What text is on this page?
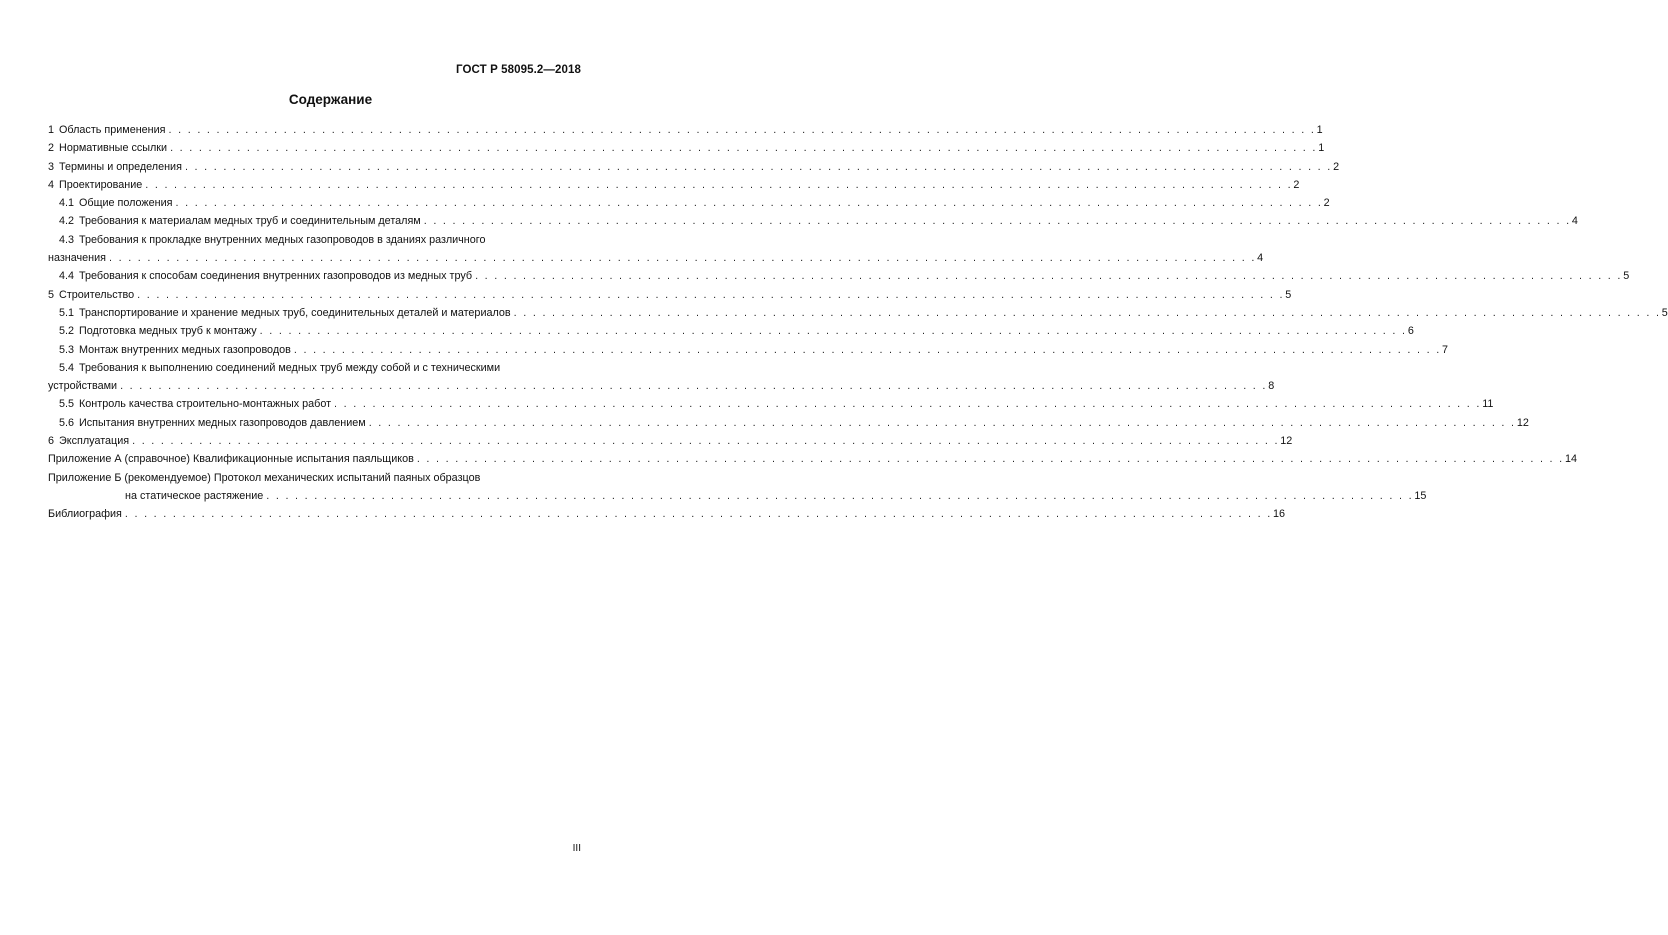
ГОСТ Р 58095.2—2018
Содержание
1 Область применения . . . . . . . . . . . . . . . . . . . . . . . . . . . . . . . . . . . . . . . . . . . . . . . . . . . . . . . . . . . . . . . . . . . . . . . . . . . . . . . . . . . . . . . . . . . . . . . . . . . . . . . . . . . . . . . . . . . . . . . . 1
2 Нормативные ссылки . . . . . . . . . . . . . . . . . . . . . . . . . . . . . . . . . . . . . . . . . . . . . . . . . . . . . . . . . . . . . . . . . . . . . . . . . . . . . . . . . . . . . . . . . . . . . . . . . . . . . . . . . . . . . . . . . . . . . . . . 1
3 Термины и определения . . . . . . . . . . . . . . . . . . . . . . . . . . . . . . . . . . . . . . . . . . . . . . . . . . . . . . . . . . . . . . . . . . . . . . . . . . . . . . . . . . . . . . . . . . . . . . . . . . . . . . . . . . . . . . . . . . . . . . . . 2
4 Проектирование . . . . . . . . . . . . . . . . . . . . . . . . . . . . . . . . . . . . . . . . . . . . . . . . . . . . . . . . . . . . . . . . . . . . . . . . . . . . . . . . . . . . . . . . . . . . . . . . . . . . . . . . . . . . . . . . . . . . . . . . 2
4.1 Общие положения . . . . . . . . . . . . . . . . . . . . . . . . . . . . . . . . . . . . . . . . . . . . . . . . . . . . . . . . . . . . . . . . . . . . . . . . . . . . . . . . . . . . . . . . . . . . . . . . . . . . . . . . . . . . . . . . . . . . . . . . 2
4.2 Требования к материалам медных труб и соединительным деталям . . . . . . . . . . . . . . . . . . . . . . . . . . . . . . . . . . . . . . . . . . . . . . . . . . . . . . . . . . . . . . . . . . . . . . . . . . . . . . . . . . . . . . . . . . . . . . . . . . . . . . . . . . . . . . . . . . . . . . . . 4
4.3 Требования к прокладке внутренних медных газопроводов в зданиях различного
назначения . . . . . . . . . . . . . . . . . . . . . . . . . . . . . . . . . . . . . . . . . . . . . . . . . . . . . . . . . . . . . . . . . . . . . . . . . . . . . . . . . . . . . . . . . . . . . . . . . . . . . . . . . . . . . . . . . . . . . . . . 4
4.4 Требования к способам соединения внутренних газопроводов из медных труб . . . . . . . . . . . . . . . . . . . . . . . . . . . . . . . . . . . . . . . . . . . . . . . . . . . . . . . . . . . . . . . . . . . . . . . . . . . . . . . . . . . . . . . . . . . . . . . . . . . . . . . . . . . . . . . . . . . . . . . . 5
5 Строительство . . . . . . . . . . . . . . . . . . . . . . . . . . . . . . . . . . . . . . . . . . . . . . . . . . . . . . . . . . . . . . . . . . . . . . . . . . . . . . . . . . . . . . . . . . . . . . . . . . . . . . . . . . . . . . . . . . . . . . . . 5
5.1 Транспортирование и хранение медных труб, соединительных деталей и материалов . . . . . . . . . . . . . . . . . . . . . . . . . . . . . . . . . . . . . . . . . . . . . . . . . . . . . . . . . . . . . . . . . . . . . . . . . . . . . . . . . . . . . . . . . . . . . . . . . . . . . . . . . . . . . . . . . . . . . . . . 5
5.2 Подготовка медных труб к монтажу . . . . . . . . . . . . . . . . . . . . . . . . . . . . . . . . . . . . . . . . . . . . . . . . . . . . . . . . . . . . . . . . . . . . . . . . . . . . . . . . . . . . . . . . . . . . . . . . . . . . . . . . . . . . . . . . . . . . . . . . 6
5.3 Монтаж внутренних медных газопроводов . . . . . . . . . . . . . . . . . . . . . . . . . . . . . . . . . . . . . . . . . . . . . . . . . . . . . . . . . . . . . . . . . . . . . . . . . . . . . . . . . . . . . . . . . . . . . . . . . . . . . . . . . . . . . . . . . . . . . . . . 7
5.4 Требования к выполнению соединений медных труб между собой и с техническими
устройствами . . . . . . . . . . . . . . . . . . . . . . . . . . . . . . . . . . . . . . . . . . . . . . . . . . . . . . . . . . . . . . . . . . . . . . . . . . . . . . . . . . . . . . . . . . . . . . . . . . . . . . . . . . . . . . . . . . . . . . . . 8
5.5 Контроль качества строительно-монтажных работ . . . . . . . . . . . . . . . . . . . . . . . . . . . . . . . . . . . . . . . . . . . . . . . . . . . . . . . . . . . . . . . . . . . . . . . . . . . . . . . . . . . . . . . . . . . . . . . . . . . . . . . . . . . . . . . . . . . . . . . . 11
5.6 Испытания внутренних медных газопроводов давлением . . . . . . . . . . . . . . . . . . . . . . . . . . . . . . . . . . . . . . . . . . . . . . . . . . . . . . . . . . . . . . . . . . . . . . . . . . . . . . . . . . . . . . . . . . . . . . . . . . . . . . . . . . . . . . . . . . . . . . . . 12
6 Эксплуатация . . . . . . . . . . . . . . . . . . . . . . . . . . . . . . . . . . . . . . . . . . . . . . . . . . . . . . . . . . . . . . . . . . . . . . . . . . . . . . . . . . . . . . . . . . . . . . . . . . . . . . . . . . . . . . . . . . . . . . . . 12
Приложение А (справочное) Квалификационные испытания паяльщиков . . . . . . . . . . . . . . . . . . . . . . . . . . . . . . . . . . . . . . . . . . . . . . . . . . . . . . . . . . . . . . . . . . . . . . . . . . . . . . . . . . . . . . . . . . . . . . . . . . . . . . . . . . . . . . . . . . . . . . . . 14
Приложение Б (рекомендуемое) Протокол механических испытаний паяных образцов
на статическое растяжение . . . . . . . . . . . . . . . . . . . . . . . . . . . . . . . . . . . . . . . . . . . . . . . . . . . . . . . . . . . . . . . . . . . . . . . . . . . . . . . . . . . . . . . . . . . . . . . . . . . . . . . . . . . . . . . . . . . . . . . . 15
Библиография . . . . . . . . . . . . . . . . . . . . . . . . . . . . . . . . . . . . . . . . . . . . . . . . . . . . . . . . . . . . . . . . . . . . . . . . . . . . . . . . . . . . . . . . . . . . . . . . . . . . . . . . . . . . . . . . . . . . . . . . 16
III
